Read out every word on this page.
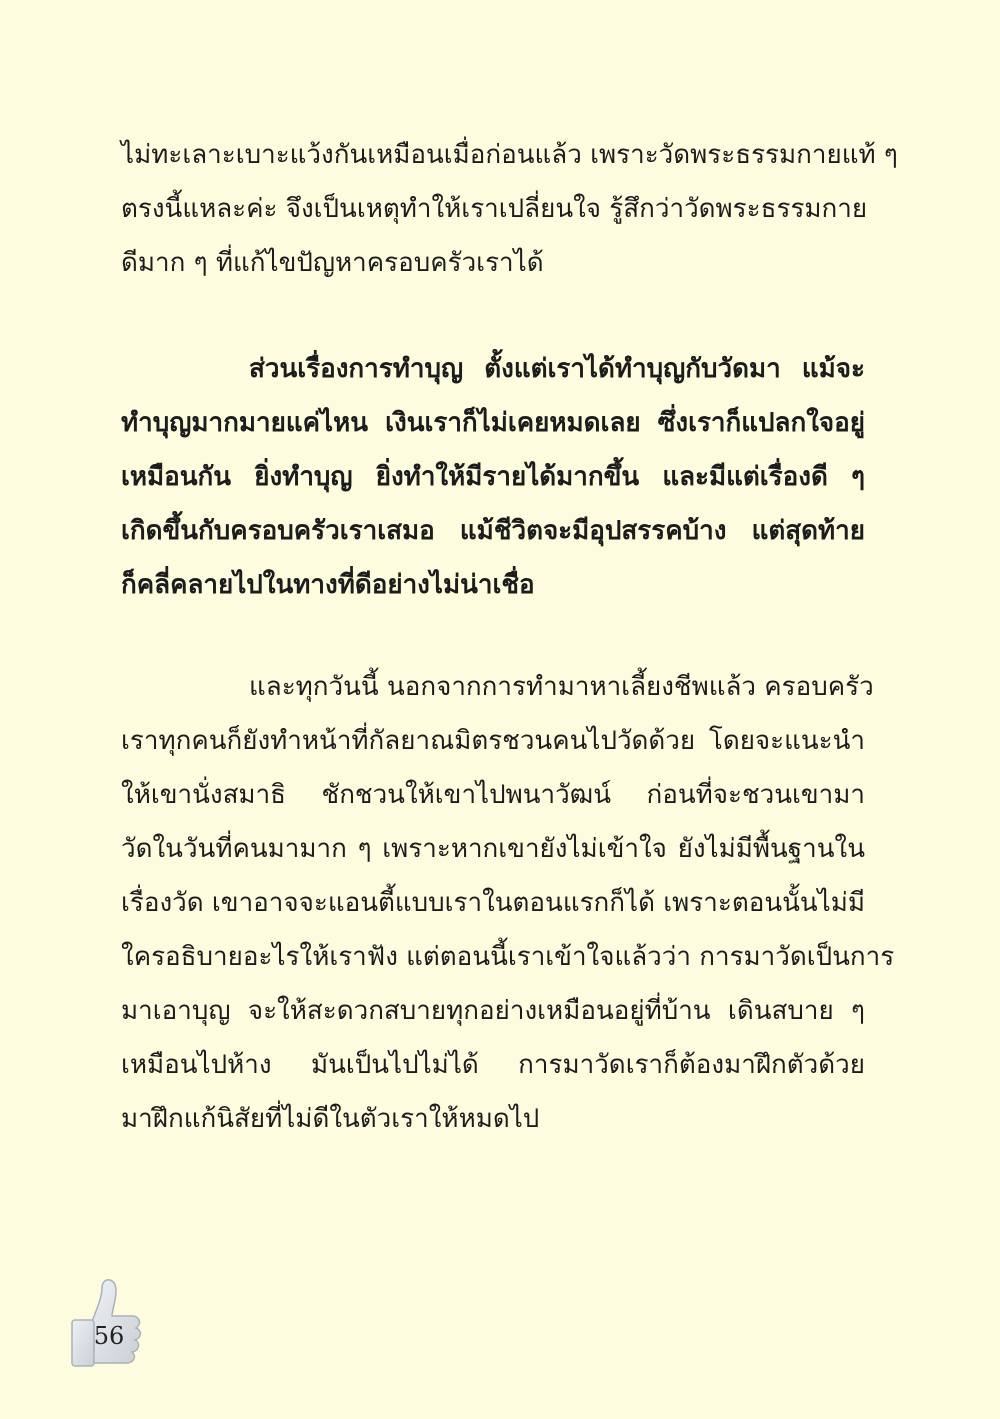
ไม่ทะเลาะเบาะแว้งกันเหมือนเมื่อก่อนแล้ว เพราะวัดพระธรรมกายแท้ ๆ
ตรงนี้แหละค่ะ จึงเป็นเหตุทำให้เราเปลี่ยนใจ รู้สึกว่าวัดพระธรรมกาย
ดีมาก ๆ ที่แก้ไขปัญหาครอบครัวเราได้
ส่วนเรื่องการทำบุญ ตั้งแต่เราได้ทำบุญกับวัดมา แม้จะ
ทำบุญมากมายแค่ไหน เงินเราก็ไม่เคยหมดเลย ซึ่งเราก็แปลกใจอยู่
เหมือนกัน ยิ่งทำบุญ ยิ่งทำให้มีรายได้มากขึ้น และมีแต่เรื่องดี ๆ
เกิดขึ้นกับครอบครัวเราเสมอ แม้ชีวิตจะมีอุปสรรคบ้าง แต่สุดท้าย
ก็คลี่คลายไปในทางที่ดีอย่างไม่น่าเชื่อ
และทุกวันนี้ นอกจากการทำมาหาเลี้ยงชีพแล้ว ครอบครัว
เราทุกคนก็ยังทำหน้าที่กัลยาณมิตรชวนคนไปวัดด้วย โดยจะแนะนำ
ให้เขานั่งสมาธิ ชักชวนให้เขาไปพนาวัฒน์ ก่อนที่จะชวนเขามา
วัดในวันที่คนมามาก ๆ เพราะหากเขายังไม่เข้าใจ ยังไม่มีพื้นฐานใน
เรื่องวัด เขาอาจจะแอนตี้แบบเราในตอนแรกก็ได้ เพราะตอนนั้นไม่มี
ใครอธิบายอะไรให้เราฟัง แต่ตอนนี้เราเข้าใจแล้วว่า การมาวัดเป็นการ
มาเอาบุญ จะให้สะดวกสบายทุกอย่างเหมือนอยู่ที่บ้าน เดินสบาย ๆ
เหมือนไปห้าง มันเป็นไปไม่ได้ การมาวัดเราก็ต้องมาฝึกตัวด้วย
มาฝึกแก้นิสัยที่ไม่ดีในตัวเราให้หมดไป
56
